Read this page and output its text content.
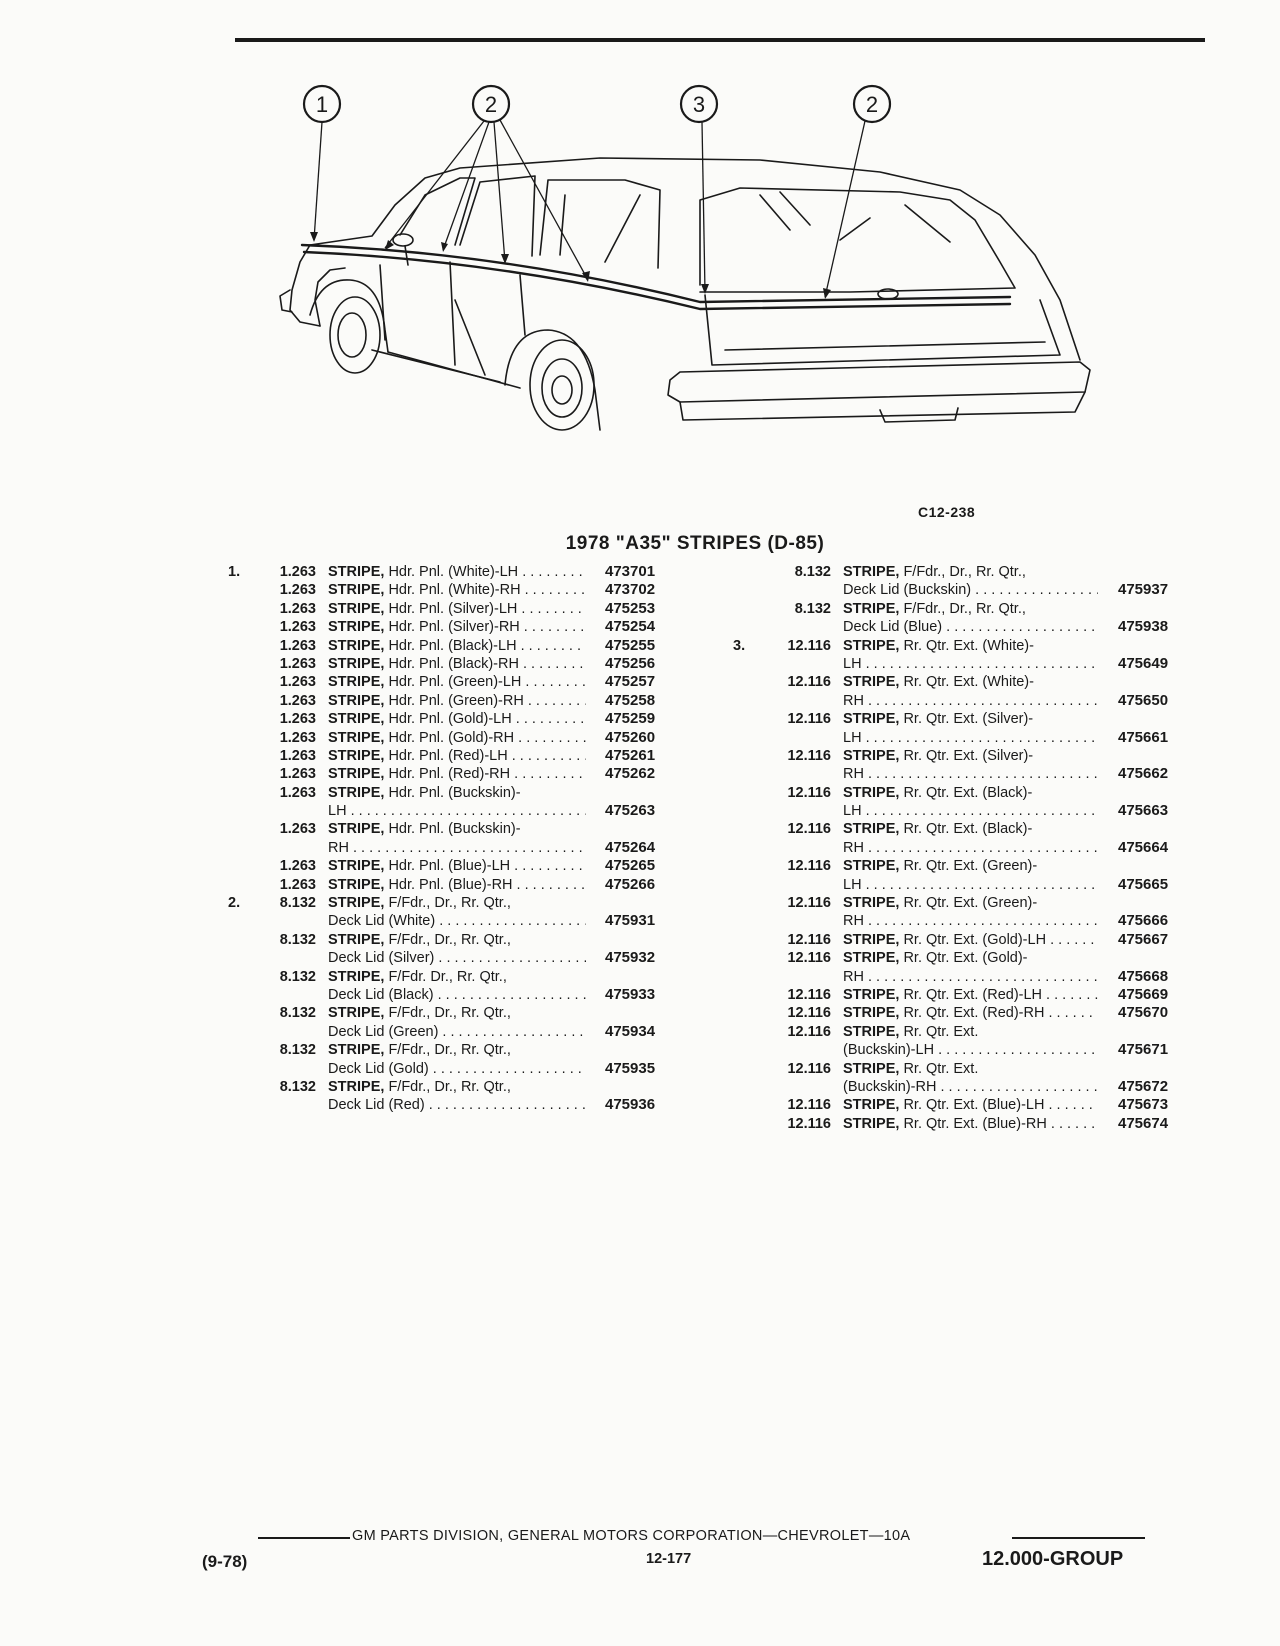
1	2	3	2
C12-238
1978 "A35" STRIPES (D-85)
1.	1.263 STRIPE, Hdr. Pnl. (White)-LH . . .	473701
1.263 STRIPE, Hdr. Pnl. (White)-RH . . .	473702
1.263 STRIPE, Hdr. Pnl. (Silver)-LH . . .	475253
1.263 STRIPE, Hdr. Pnl. (Silver)-RH . . .	475254
1.263 STRIPE, Hdr. Pnl. (Black)-LH . . .	475255
1.263 STRIPE, Hdr. Pnl. (Black)-RH . . .	475256
1.263 STRIPE, Hdr. Pnl. (Green)-LH . . .	475257
1.263 STRIPE, Hdr. Pnl. (Green)-RH . . .	475258
1.263 STRIPE, Hdr. Pnl. (Gold)-LH . . .	475259
1.263 STRIPE, Hdr. Pnl. (Gold)-RH . . .	475260
1.263 STRIPE, Hdr. Pnl. (Red)-LH . . .	475261
1.263 STRIPE, Hdr. Pnl. (Red)-RH . . .	475262
1.263 STRIPE, Hdr. Pnl. (Buckskin)-
LH . . .	475263
1.263 STRIPE, Hdr. Pnl. (Buckskin)-
RH . . .	475264
1.263 STRIPE, Hdr. Pnl. (Blue)-LH . . .	475265
1.263 STRIPE, Hdr. Pnl. (Blue)-RH . . .	475266
2.	8.132 STRIPE, F/Fdr., Dr., Rr. Qtr.,
Deck Lid (White) . . .	475931
8.132 STRIPE, F/Fdr., Dr., Rr. Qtr.,
Deck Lid (Silver) . . .	475932
8.132 STRIPE, F/Fdr. Dr., Rr. Qtr.,
Deck Lid (Black) . . .	475933
8.132 STRIPE, F/Fdr., Dr., Rr. Qtr.,
Deck Lid (Green) . . .	475934
8.132 STRIPE, F/Fdr., Dr., Rr. Qtr.,
Deck Lid (Gold) . . .	475935
8.132 STRIPE, F/Fdr., Dr., Rr. Qtr.,
Deck Lid (Red) . . .	475936
8.132 STRIPE, F/Fdr., Dr., Rr. Qtr.,
Deck Lid (Buckskin) . . .	475937
8.132 STRIPE, F/Fdr., Dr., Rr. Qtr.,
Deck Lid (Blue) . . .	475938
3.	12.116 STRIPE, Rr. Qtr. Ext. (White)-
LH . . .	475649
12.116 STRIPE, Rr. Qtr. Ext. (White)-
RH . . .	475650
12.116 STRIPE, Rr. Qtr. Ext. (Silver)-
LH . . .	475661
12.116 STRIPE, Rr. Qtr. Ext. (Silver)-
RH . . .	475662
12.116 STRIPE, Rr. Qtr. Ext. (Black)-
LH . . .	475663
12.116 STRIPE, Rr. Qtr. Ext. (Black)-
RH . . .	475664
12.116 STRIPE, Rr. Qtr. Ext. (Green)-
LH . . .	475665
12.116 STRIPE, Rr. Qtr. Ext. (Green)-
RH . . .	475666
12.116 STRIPE, Rr. Qtr. Ext. (Gold)-LH . . .	475667
12.116 STRIPE, Rr. Qtr. Ext. (Gold)-
RH . . .	475668
12.116 STRIPE, Rr. Qtr. Ext. (Red)-LH . . .	475669
12.116 STRIPE, Rr. Qtr. Ext. (Red)-RH . . .	475670
12.116 STRIPE, Rr. Qtr. Ext.
(Buckskin)-LH . . .	475671
12.116 STRIPE, Rr. Qtr. Ext.
(Buckskin)-RH . . .	475672
12.116 STRIPE, Rr. Qtr. Ext. (Blue)-LH . . .	475673
12.116 STRIPE, Rr. Qtr. Ext. (Blue)-RH . . .	475674
GM PARTS DIVISION, GENERAL MOTORS CORPORATION—CHEVROLET—10A
(9-78)	12-177	12.000-GROUP
